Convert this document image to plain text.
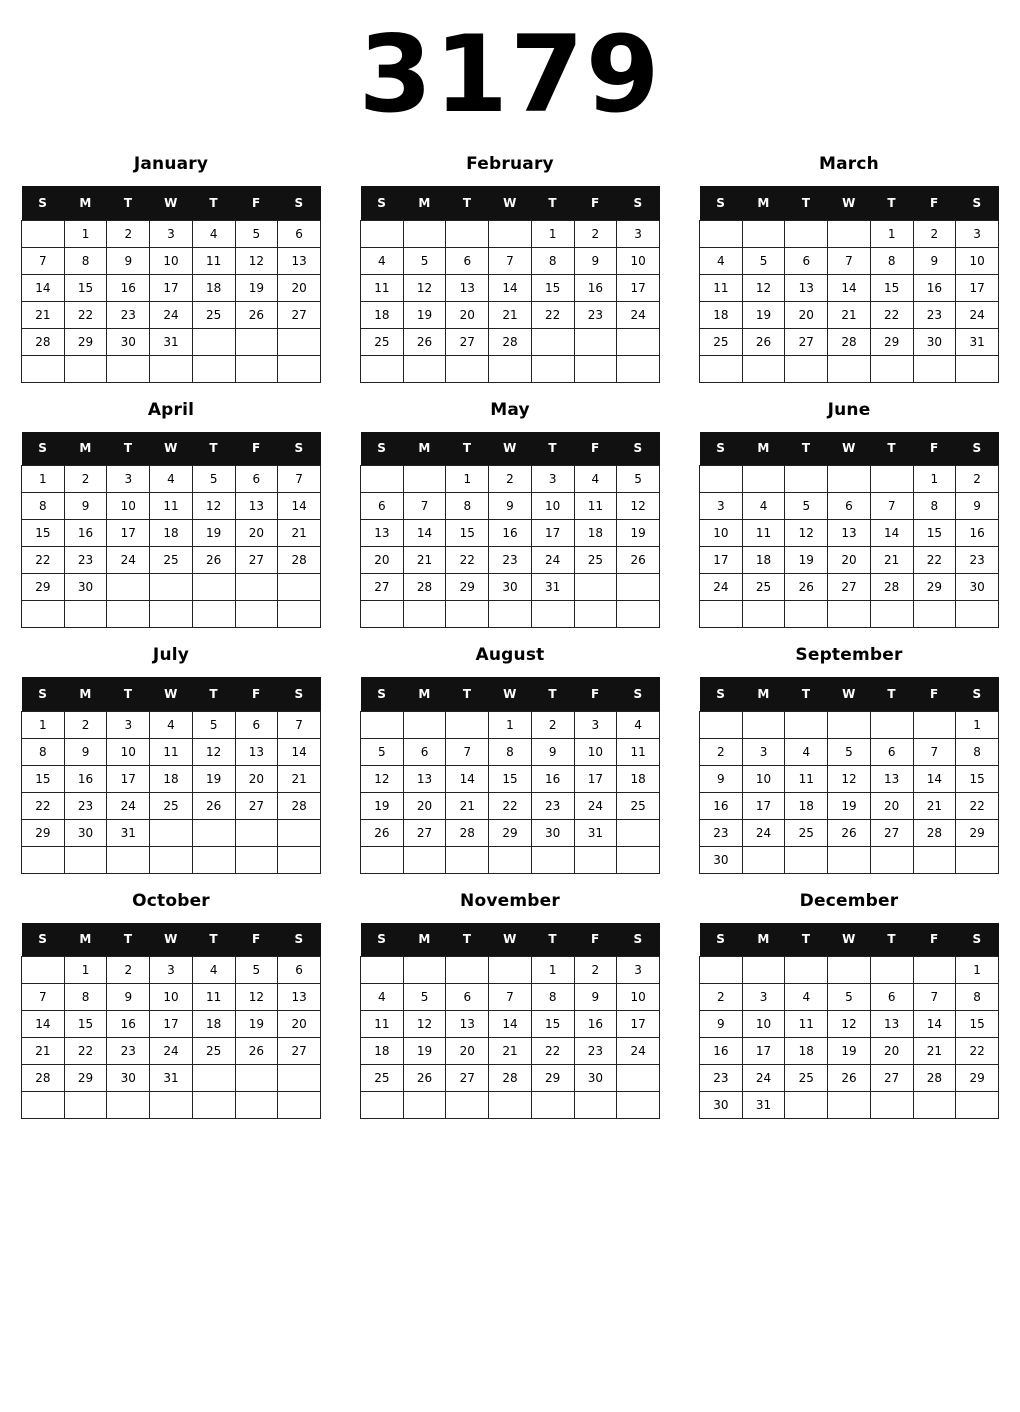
3179
January
S	M	T	W	T	F	S
	1	2	3	4	5	6
7	8	9	10	11	12	13
14	15	16	17	18	19	20
21	22	23	24	25	26	27
28	29	30	31			

February
S	M	T	W	T	F	S
				1	2	3
4	5	6	7	8	9	10
11	12	13	14	15	16	17
18	19	20	21	22	23	24
25	26	27	28			

March
S	M	T	W	T	F	S
				1	2	3
4	5	6	7	8	9	10
11	12	13	14	15	16	17
18	19	20	21	22	23	24
25	26	27	28	29	30	31

April
S	M	T	W	T	F	S
1	2	3	4	5	6	7
8	9	10	11	12	13	14
15	16	17	18	19	20	21
22	23	24	25	26	27	28
29	30					

May
S	M	T	W	T	F	S
		1	2	3	4	5
6	7	8	9	10	11	12
13	14	15	16	17	18	19
20	21	22	23	24	25	26
27	28	29	30	31		

June
S	M	T	W	T	F	S
					1	2
3	4	5	6	7	8	9
10	11	12	13	14	15	16
17	18	19	20	21	22	23
24	25	26	27	28	29	30

July
S	M	T	W	T	F	S
1	2	3	4	5	6	7
8	9	10	11	12	13	14
15	16	17	18	19	20	21
22	23	24	25	26	27	28
29	30	31				

August
S	M	T	W	T	F	S
			1	2	3	4
5	6	7	8	9	10	11
12	13	14	15	16	17	18
19	20	21	22	23	24	25
26	27	28	29	30	31	

September
S	M	T	W	T	F	S
						1
2	3	4	5	6	7	8
9	10	11	12	13	14	15
16	17	18	19	20	21	22
23	24	25	26	27	28	29
30						
October
S	M	T	W	T	F	S
	1	2	3	4	5	6
7	8	9	10	11	12	13
14	15	16	17	18	19	20
21	22	23	24	25	26	27
28	29	30	31			

November
S	M	T	W	T	F	S
				1	2	3
4	5	6	7	8	9	10
11	12	13	14	15	16	17
18	19	20	21	22	23	24
25	26	27	28	29	30	

December
S	M	T	W	T	F	S
						1
2	3	4	5	6	7	8
9	10	11	12	13	14	15
16	17	18	19	20	21	22
23	24	25	26	27	28	29
30	31					
